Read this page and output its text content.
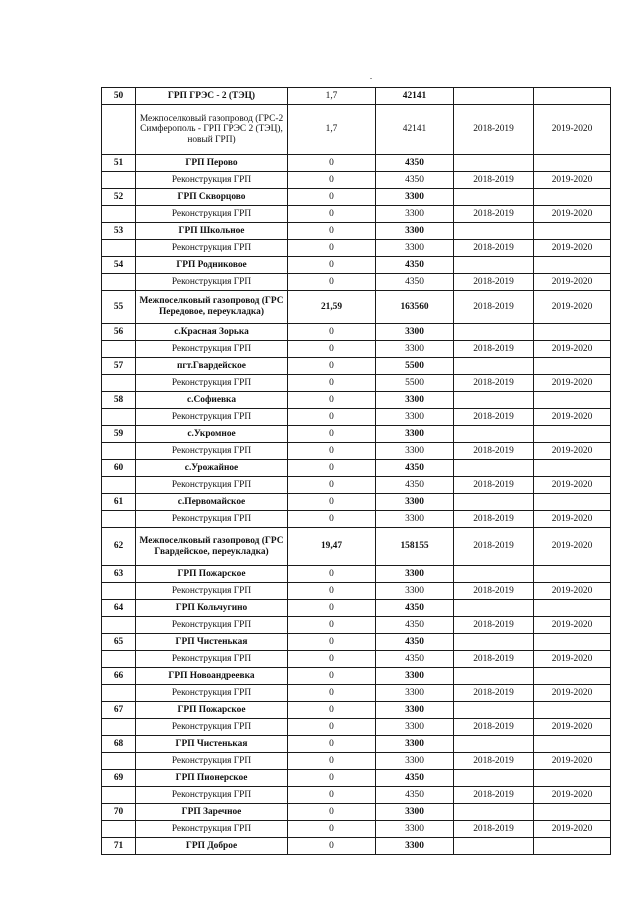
50	ГРП ГРЭС - 2 (ТЭЦ)	1,7	42141		
	Межпоселковый газопровод (ГРС-2 Симферополь - ГРП ГРЭС 2 (ТЭЦ), новый ГРП)	1,7	42141	2018-2019	2019-2020
51	ГРП Перово	0	4350		
	Реконструкция ГРП	0	4350	2018-2019	2019-2020
52	ГРП Скворцово	0	3300		
	Реконструкция ГРП	0	3300	2018-2019	2019-2020
53	ГРП Школьное	0	3300		
	Реконструкция ГРП	0	3300	2018-2019	2019-2020
54	ГРП Родниковое	0	4350		
	Реконструкция ГРП	0	4350	2018-2019	2019-2020
55	Межпоселковый газопровод (ГРС Передовое, переукладка)	21,59	163560	2018-2019	2019-2020
56	с.Красная Зорька	0	3300		
	Реконструкция ГРП	0	3300	2018-2019	2019-2020
57	пгт.Гвардейское	0	5500		
	Реконструкция ГРП	0	5500	2018-2019	2019-2020
58	с.Софиевка	0	3300		
	Реконструкция ГРП	0	3300	2018-2019	2019-2020
59	с.Укромное	0	3300		
	Реконструкция ГРП	0	3300	2018-2019	2019-2020
60	с.Урожайное	0	4350		
	Реконструкция ГРП	0	4350	2018-2019	2019-2020
61	с.Первомайское	0	3300		
	Реконструкция ГРП	0	3300	2018-2019	2019-2020
62	Межпоселковый газопровод (ГРС Гвардейское, переукладка)	19,47	158155	2018-2019	2019-2020
63	ГРП Пожарское	0	3300		
	Реконструкция ГРП	0	3300	2018-2019	2019-2020
64	ГРП Кольчугино	0	4350		
	Реконструкция ГРП	0	4350	2018-2019	2019-2020
65	ГРП Чистенькая	0	4350		
	Реконструкция ГРП	0	4350	2018-2019	2019-2020
66	ГРП Новоандреевка	0	3300		
	Реконструкция ГРП	0	3300	2018-2019	2019-2020
67	ГРП Пожарское	0	3300		
	Реконструкция ГРП	0	3300	2018-2019	2019-2020
68	ГРП Чистенькая	0	3300		
	Реконструкция ГРП	0	3300	2018-2019	2019-2020
69	ГРП Пионерское	0	4350		
	Реконструкция ГРП	0	4350	2018-2019	2019-2020
70	ГРП Заречное	0	3300		
	Реконструкция ГРП	0	3300	2018-2019	2019-2020
71	ГРП Доброе	0	3300		
